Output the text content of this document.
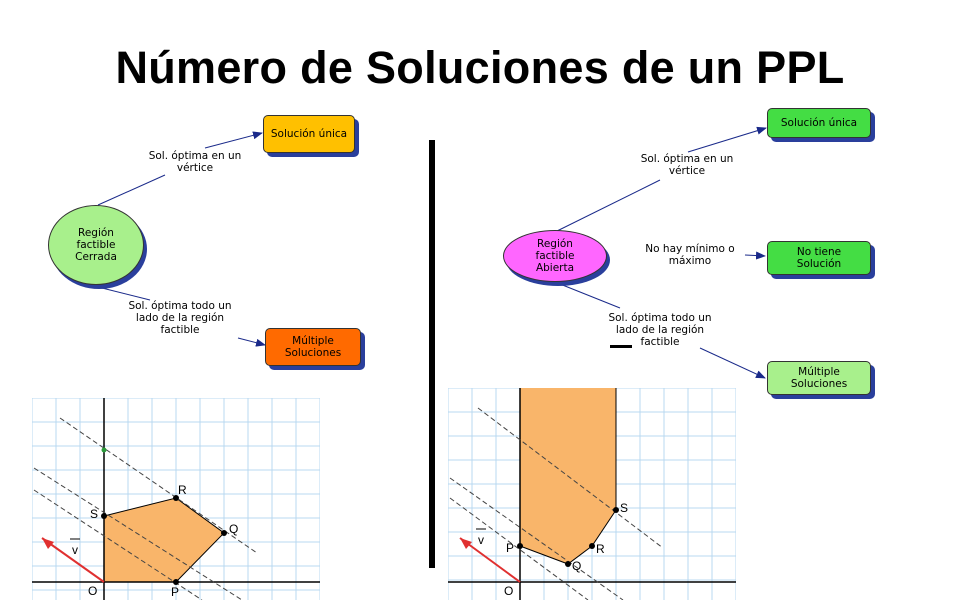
Número de Soluciones de un PPL
Región
factible
Cerrada
Sol. óptima en un
vértice
Sol. óptima todo un
lado de la región
factible
Solución única
Múltiple
Soluciones
Región
factible
Abierta
Sol. óptima en un
vértice
No hay mínimo o
máximo
Sol. óptima todo un
lado de la región
factible
Solución única
No tiene
Solución
Múltiple
Soluciones
S
R
Q
P
O
v	P
Q
R
S
O
v
